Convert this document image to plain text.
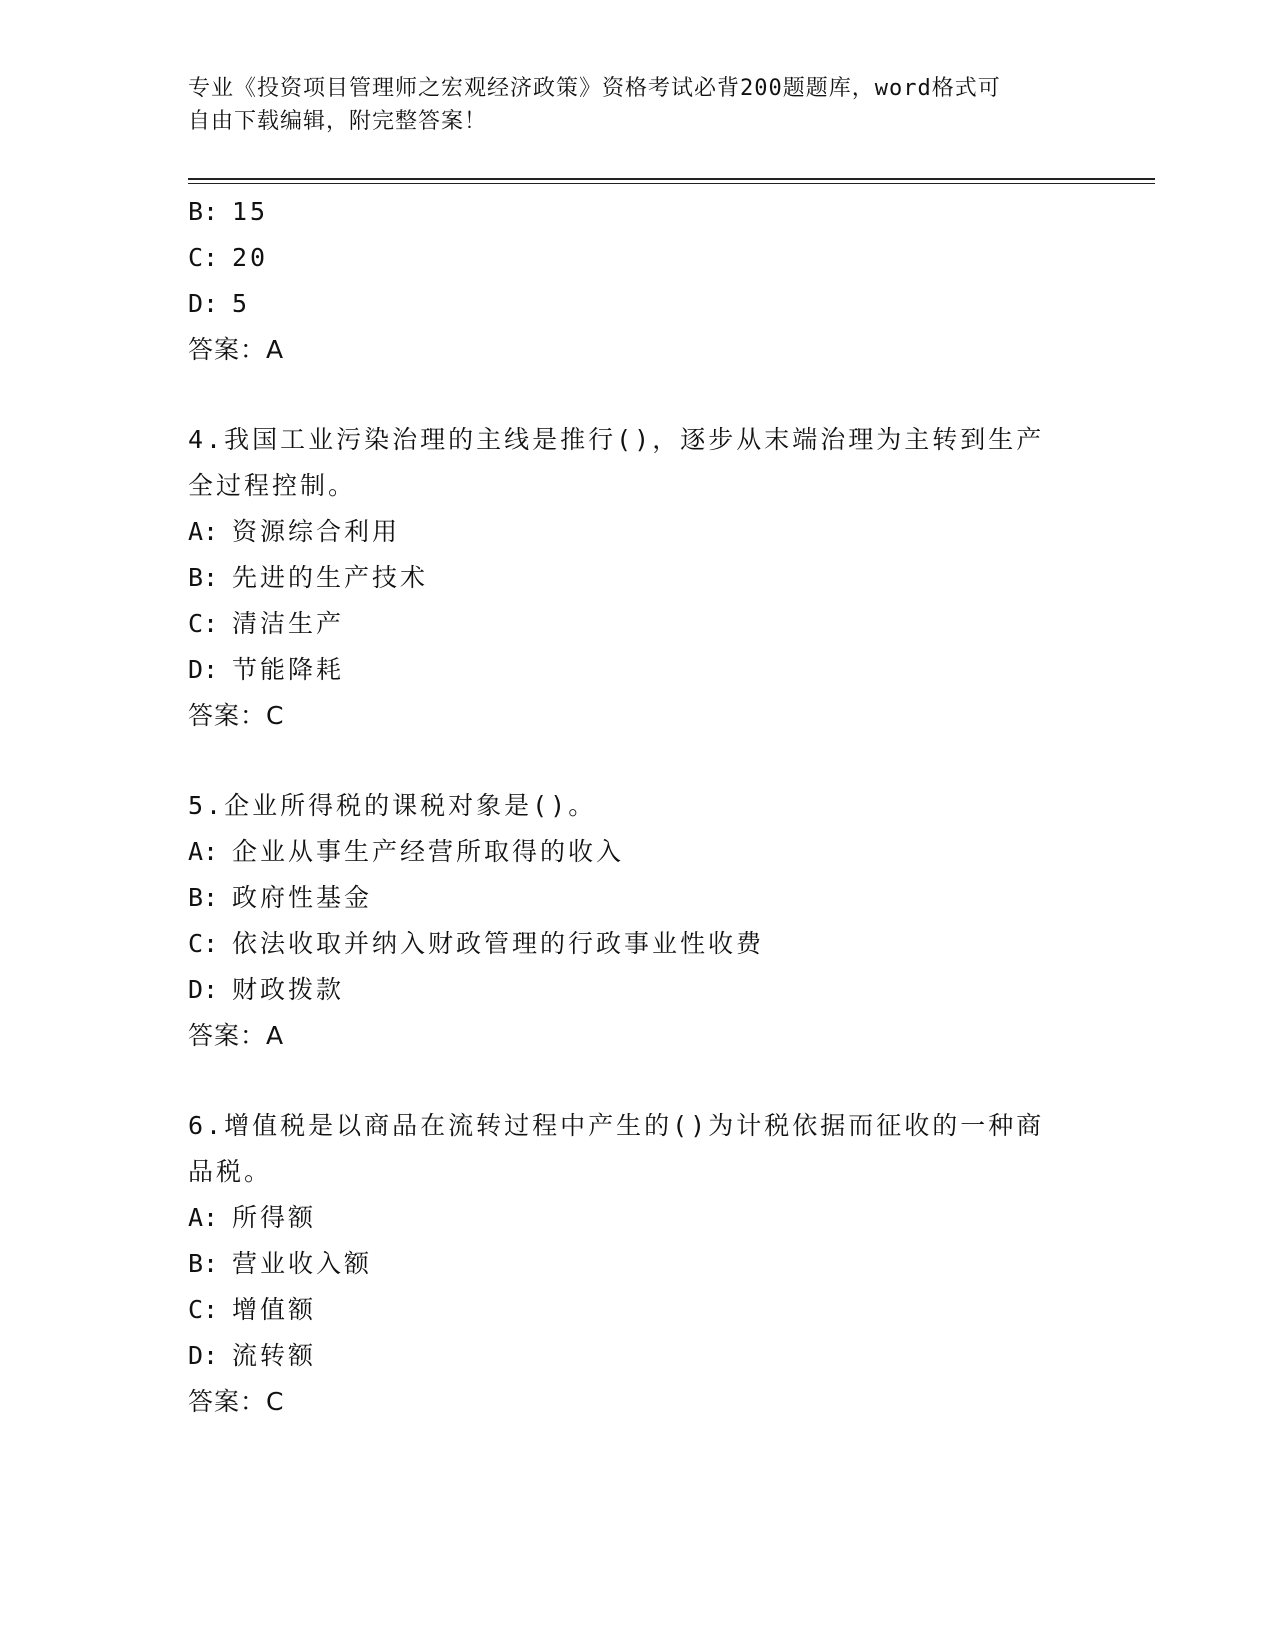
专业《投资项目管理师之宏观经济政策》资格考试必背200题题库，word格式可
自由下载编辑，附完整答案！
B: 15
C: 20
D: 5
答案：A
4.我国工业污染治理的主线是推行()，逐步从末端治理为主转到生产
全过程控制。
A: 资源综合利用
B: 先进的生产技术
C: 清洁生产
D: 节能降耗
答案：C
5.企业所得税的课税对象是()。
A: 企业从事生产经营所取得的收入
B: 政府性基金
C: 依法收取并纳入财政管理的行政事业性收费
D: 财政拨款
答案：A
6.增值税是以商品在流转过程中产生的()为计税依据而征收的一种商
品税。
A: 所得额
B: 营业收入额
C: 增值额
D: 流转额
答案：C
